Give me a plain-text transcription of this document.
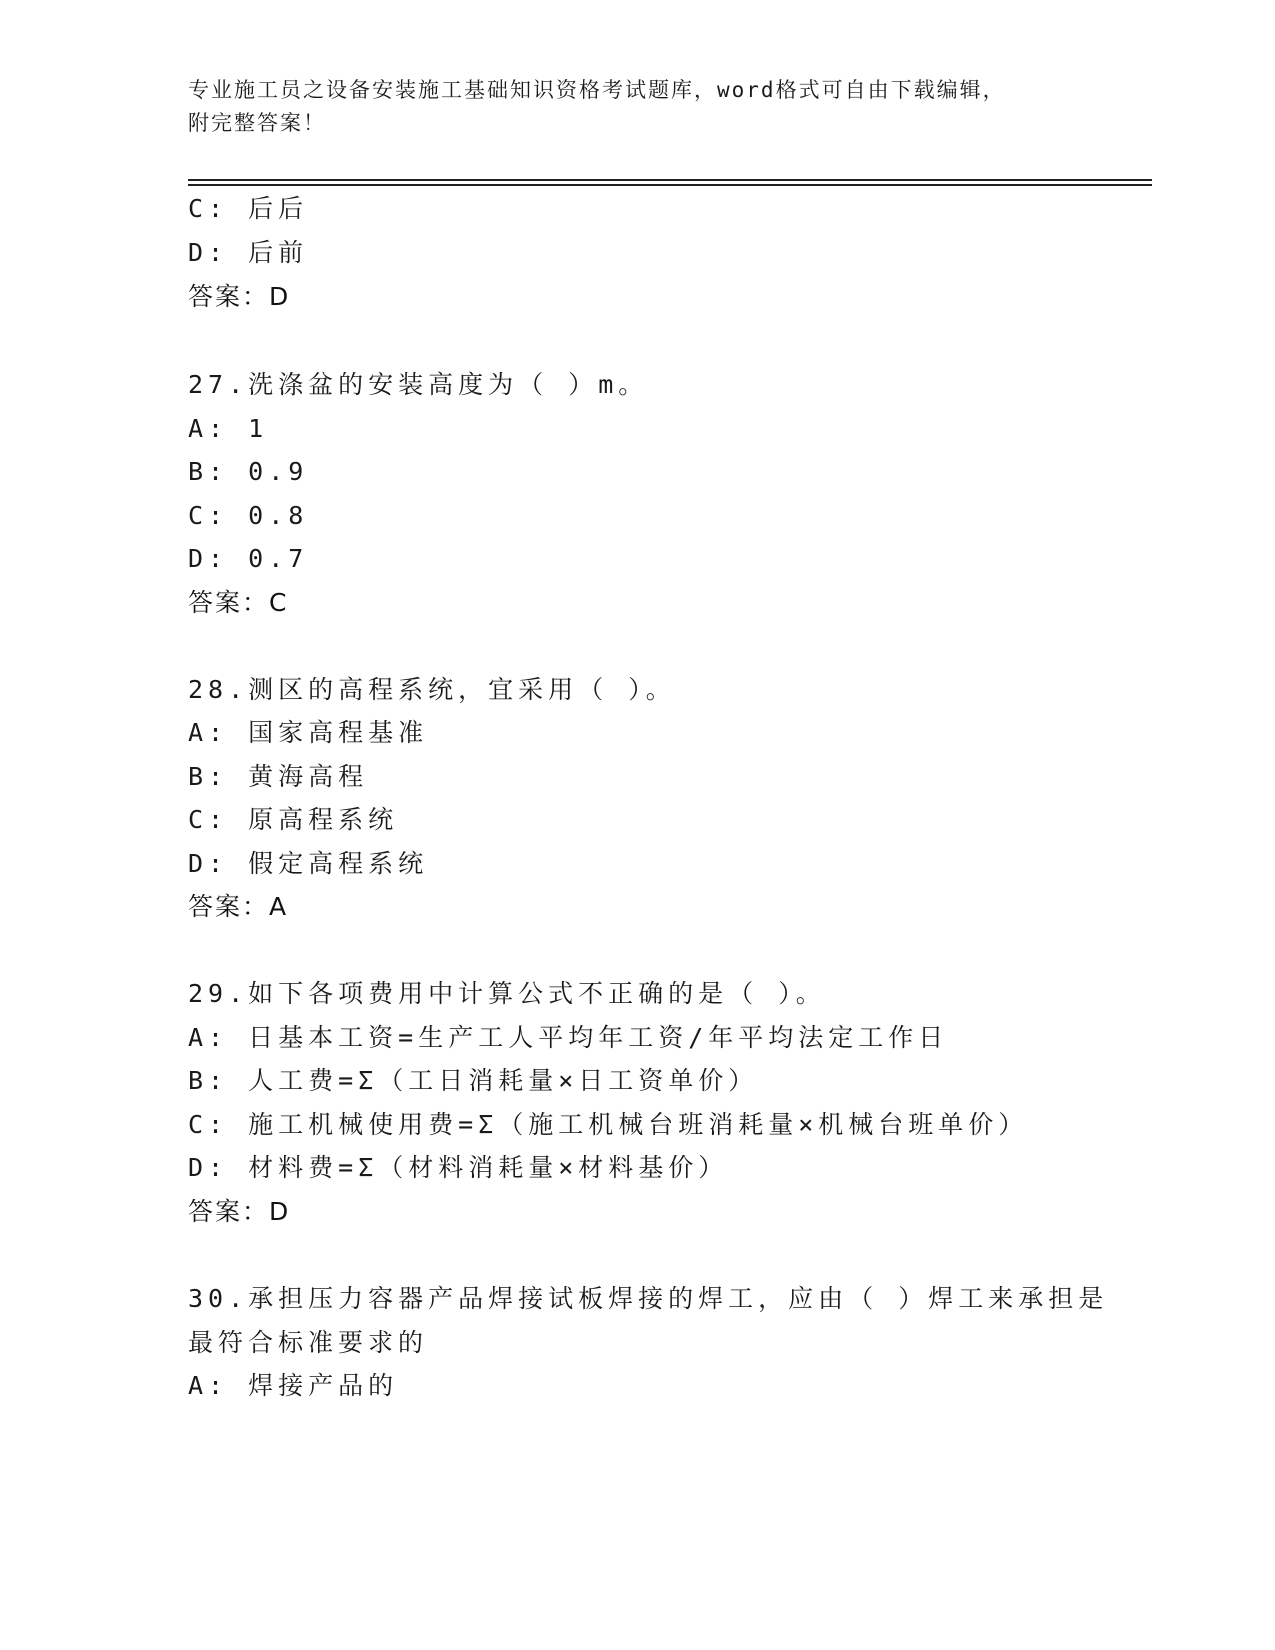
专业施工员之设备安装施工基础知识资格考试题库，word格式可自由下载编辑，
附完整答案！
C: 后后
D: 后前
答案：D
27.洗涤盆的安装高度为（ ）m。
A: 1
B: 0.9
C: 0.8
D: 0.7
答案：C
28.测区的高程系统，宜采用（ ）。
A: 国家高程基准
B: 黄海高程
C: 原高程系统
D: 假定高程系统
答案：A
29.如下各项费用中计算公式不正确的是（ ）。
A: 日基本工资=生产工人平均年工资/年平均法定工作日
B: 人工费=Σ（工日消耗量×日工资单价）
C: 施工机械使用费=Σ（施工机械台班消耗量×机械台班单价）
D: 材料费=Σ（材料消耗量×材料基价）
答案：D
30.承担压力容器产品焊接试板焊接的焊工，应由（ ）焊工来承担是
最符合标准要求的
A: 焊接产品的
